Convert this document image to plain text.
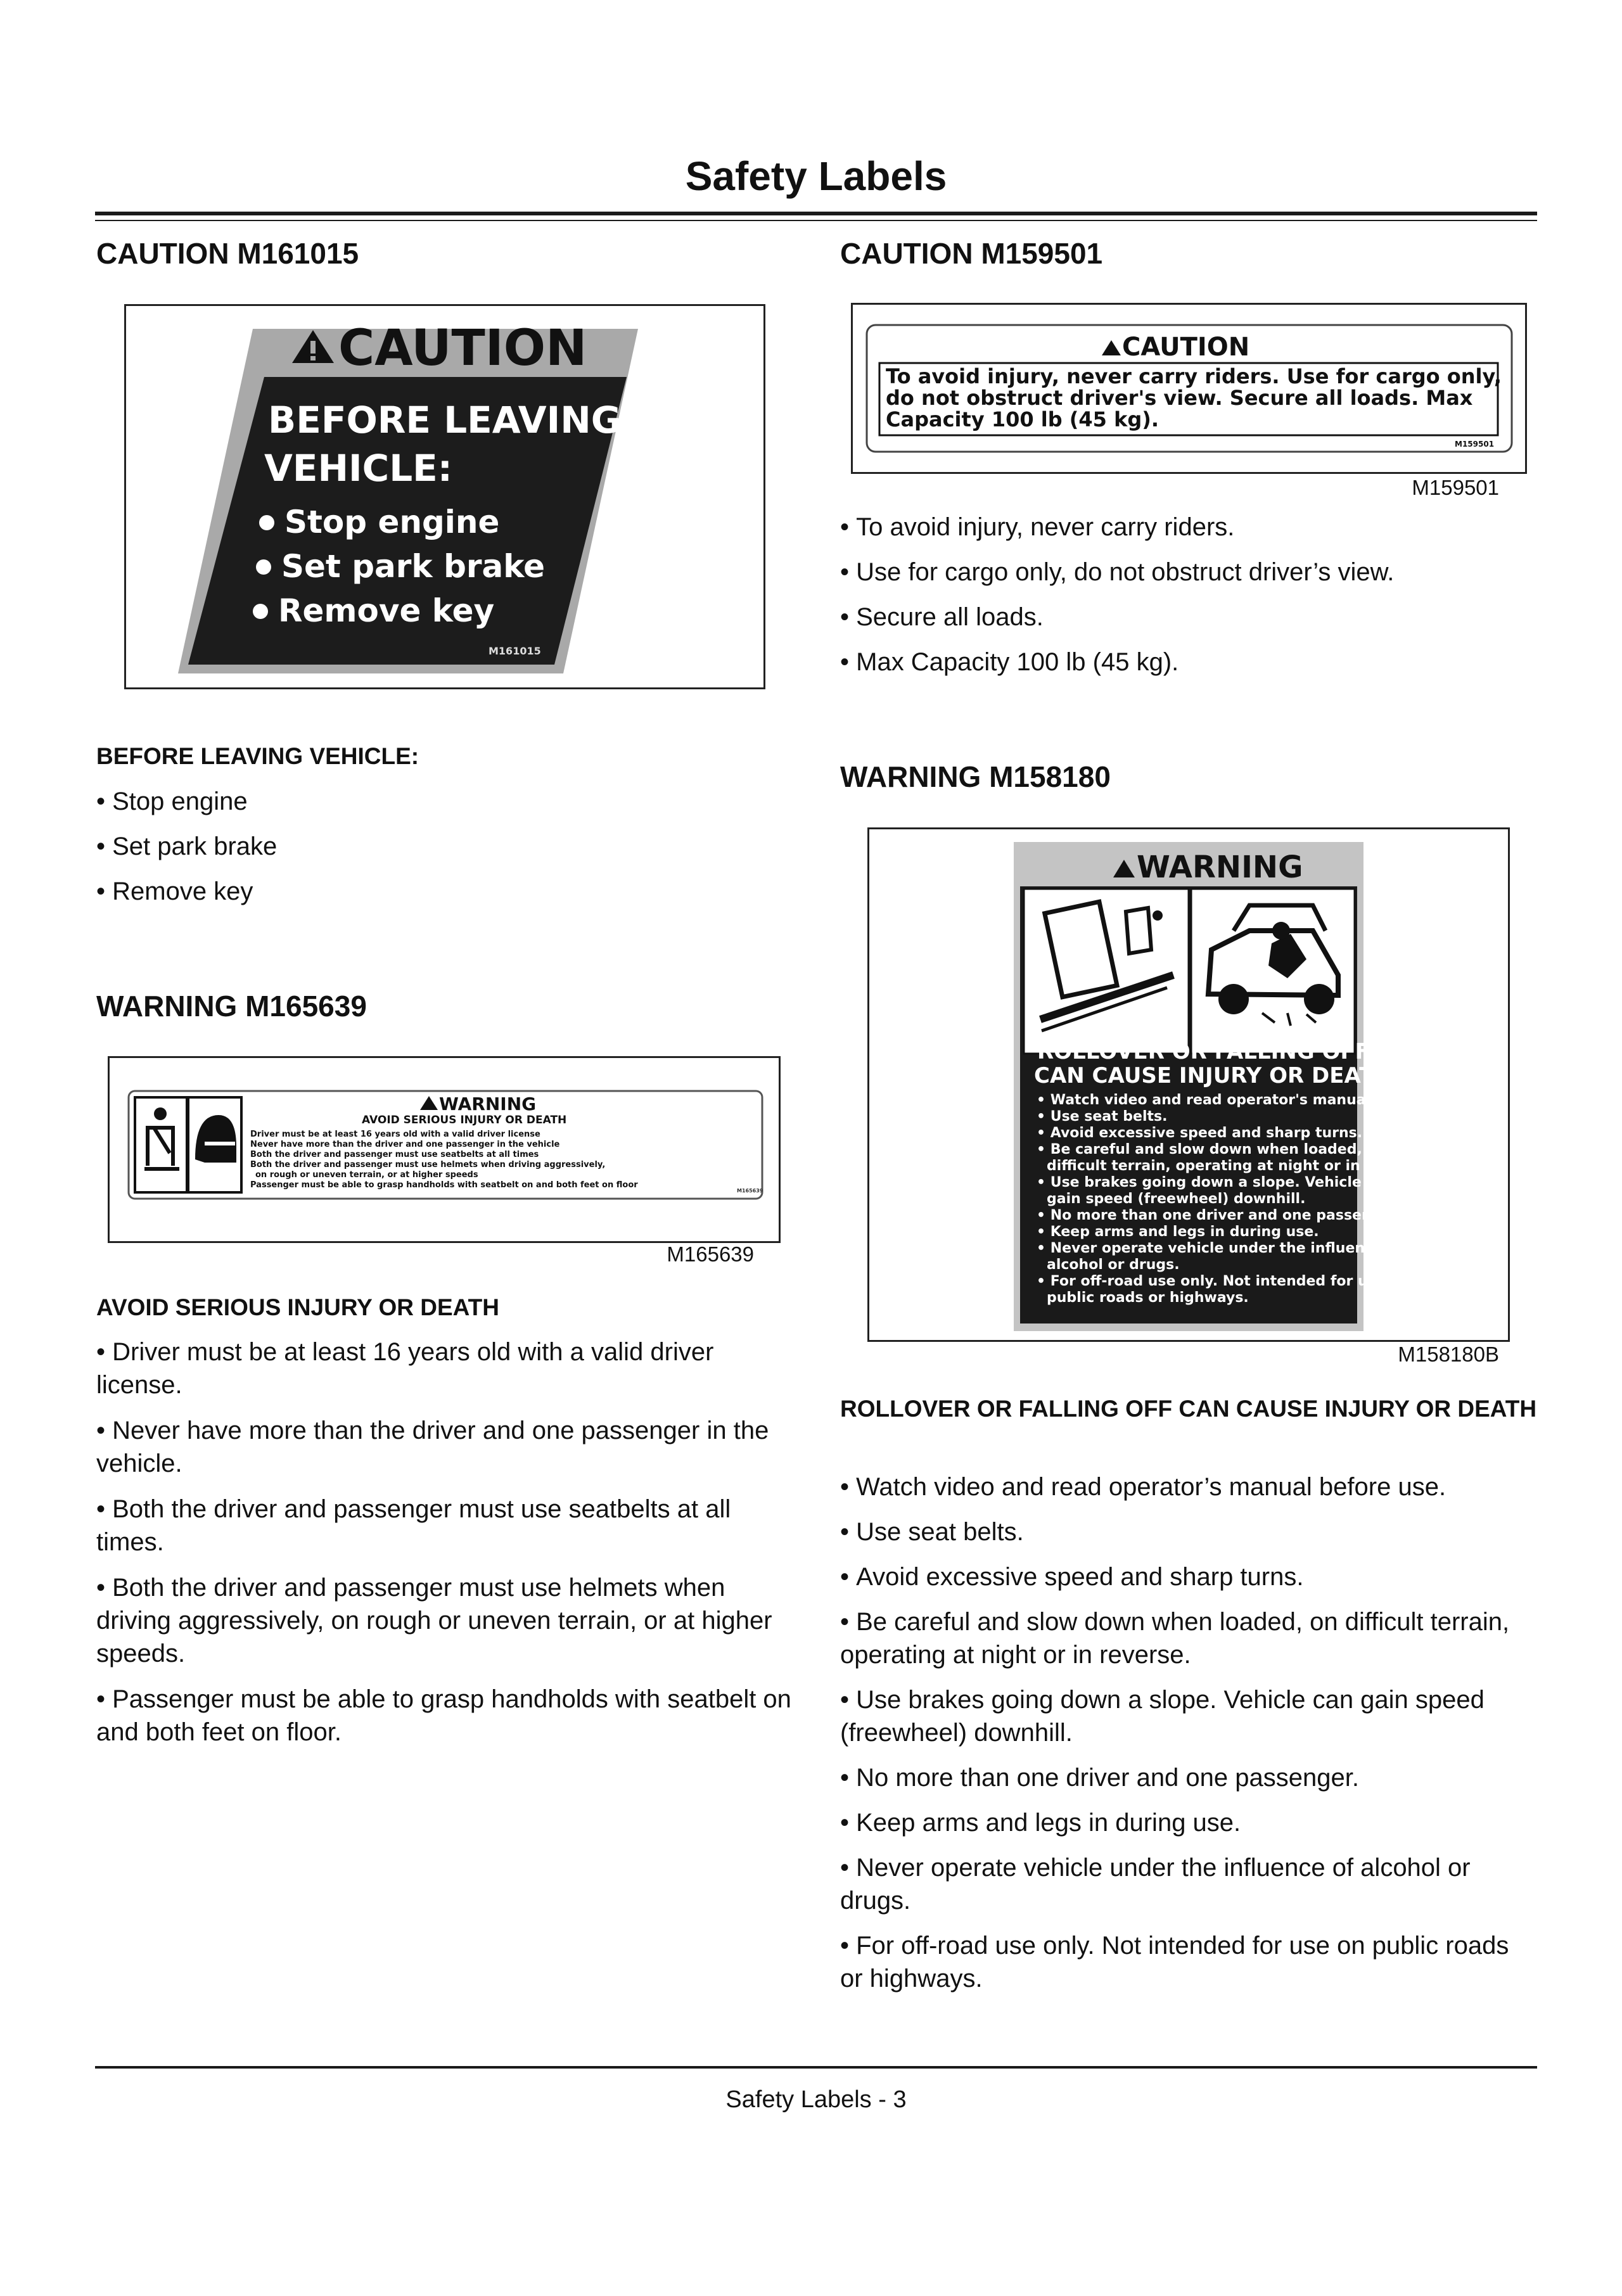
Safety Labels
CAUTION M161015
CAUTION
BEFORE LEAVING
VEHICLE:
Stop engine
Set park brake
Remove key
M161015
BEFORE LEAVING VEHICLE:
• Stop engine
• Set park brake
• Remove key
WARNING M165639
WARNING
AVOID SERIOUS INJURY OR DEATH
Driver must be at least 16 years old with a valid driver license
Never have more than the driver and one passenger in the vehicle
Both the driver and passenger must use seatbelts at all times
Both the driver and passenger must use helmets when driving aggressively,
on rough or uneven terrain, or at higher speeds
Passenger must be able to grasp handholds with seatbelt on and both feet on floor
M165639
M165639
AVOID SERIOUS INJURY OR DEATH
• Driver must be at least 16 years old with a valid driver license.
• Never have more than the driver and one passenger in the vehicle.
• Both the driver and passenger must use seatbelts at all times.
• Both the driver and passenger must use helmets when driving aggressively, on rough or uneven terrain, or at higher speeds.
• Passenger must be able to grasp handholds with seatbelt on and both feet on floor.
CAUTION M159501
CAUTION
To avoid injury, never carry riders. Use for cargo only,
do not obstruct driver's view. Secure all loads. Max
Capacity 100 lb (45 kg).
M159501
M159501
• To avoid injury, never carry riders.
• Use for cargo only, do not obstruct driver’s view.
• Secure all loads.
• Max Capacity 100 lb (45 kg).
WARNING M158180
WARNING
ROLLOVER OR FALLING OFF
CAN CAUSE INJURY OR DEATH
• Watch video and read operator's manual before use.
• Use seat belts.
• Avoid excessive speed and sharp turns.
• Be careful and slow down when loaded, on
difficult terrain, operating at night or in reverse.
• Use brakes going down a slope. Vehicle can
gain speed (freewheel) downhill.
• No more than one driver and one passenger.
• Keep arms and legs in during use.
• Never operate vehicle under the influence of
alcohol or drugs.
• For off-road use only. Not intended for use on
public roads or highways.
M158180B
ROLLOVER OR FALLING OFF CAN CAUSE INJURY OR DEATH
• Watch video and read operator’s manual before use.
• Use seat belts.
• Avoid excessive speed and sharp turns.
• Be careful and slow down when loaded, on difficult terrain, operating at night or in reverse.
• Use brakes going down a slope. Vehicle can gain speed (freewheel) downhill.
• No more than one driver and one passenger.
• Keep arms and legs in during use.
• Never operate vehicle under the influence of alcohol or drugs.
• For off-road use only. Not intended for use on public roads or highways.
Safety Labels - 3
